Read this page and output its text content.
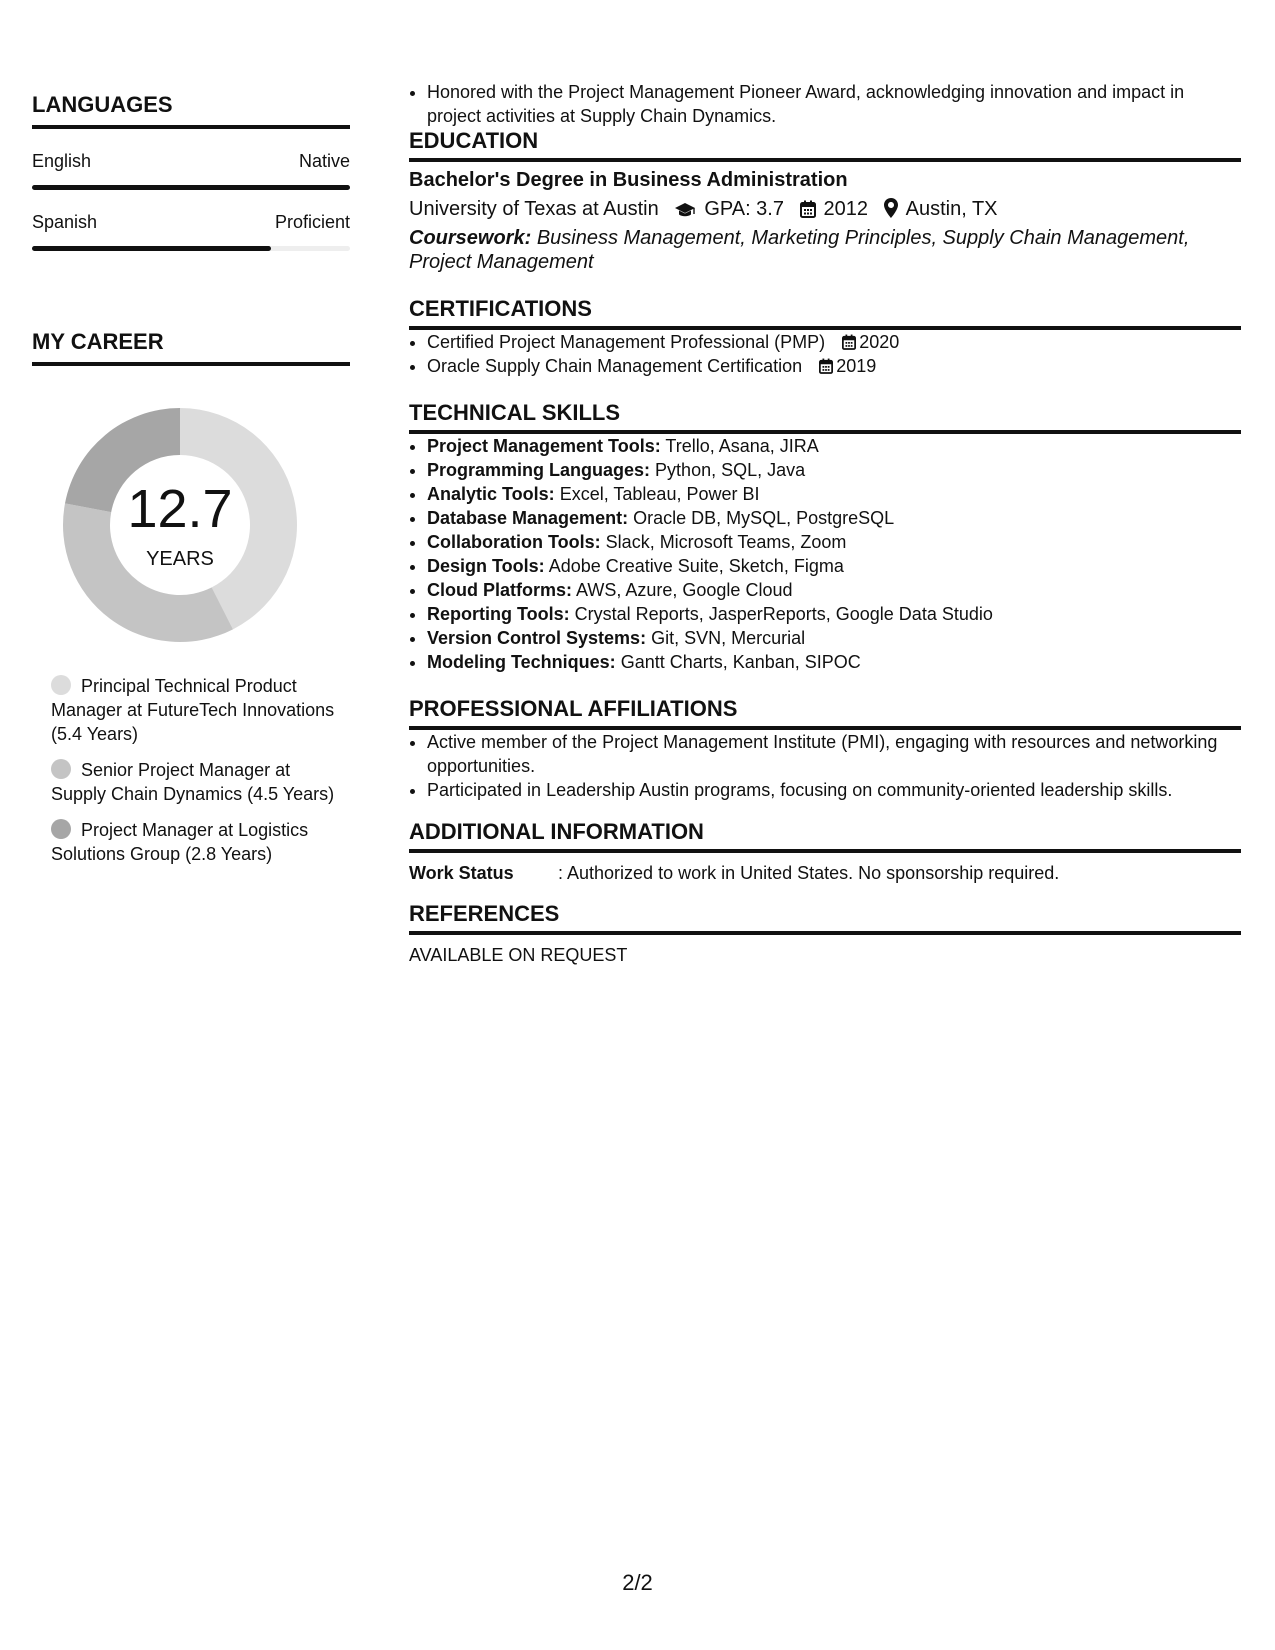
LANGUAGES
English	Native
Spanish	Proficient
MY CAREER
12.7
YEARS
Principal Technical Product Manager at FutureTech Innovations (5.4 Years)
Senior Project Manager at Supply Chain Dynamics (4.5 Years)
Project Manager at Logistics Solutions Group (2.8 Years)
• Honored with the Project Management Pioneer Award, acknowledging innovation and impact in project activities at Supply Chain Dynamics.
EDUCATION
Bachelor's Degree in Business Administration
University of Texas at Austin GPA: 3.7 2012 Austin, TX
Coursework: Business Management, Marketing Principles, Supply Chain Management, Project Management
CERTIFICATIONS
• Certified Project Management Professional (PMP) 2020
• Oracle Supply Chain Management Certification 2019
TECHNICAL SKILLS
• Project Management Tools: Trello, Asana, JIRA
• Programming Languages: Python, SQL, Java
• Analytic Tools: Excel, Tableau, Power BI
• Database Management: Oracle DB, MySQL, PostgreSQL
• Collaboration Tools: Slack, Microsoft Teams, Zoom
• Design Tools: Adobe Creative Suite, Sketch, Figma
• Cloud Platforms: AWS, Azure, Google Cloud
• Reporting Tools: Crystal Reports, JasperReports, Google Data Studio
• Version Control Systems: Git, SVN, Mercurial
• Modeling Techniques: Gantt Charts, Kanban, SIPOC
PROFESSIONAL AFFILIATIONS
• Active member of the Project Management Institute (PMI), engaging with resources and networking opportunities.
• Participated in Leadership Austin programs, focusing on community-oriented leadership skills.
ADDITIONAL INFORMATION
Work Status : Authorized to work in United States. No sponsorship required.
REFERENCES
AVAILABLE ON REQUEST
2/2
